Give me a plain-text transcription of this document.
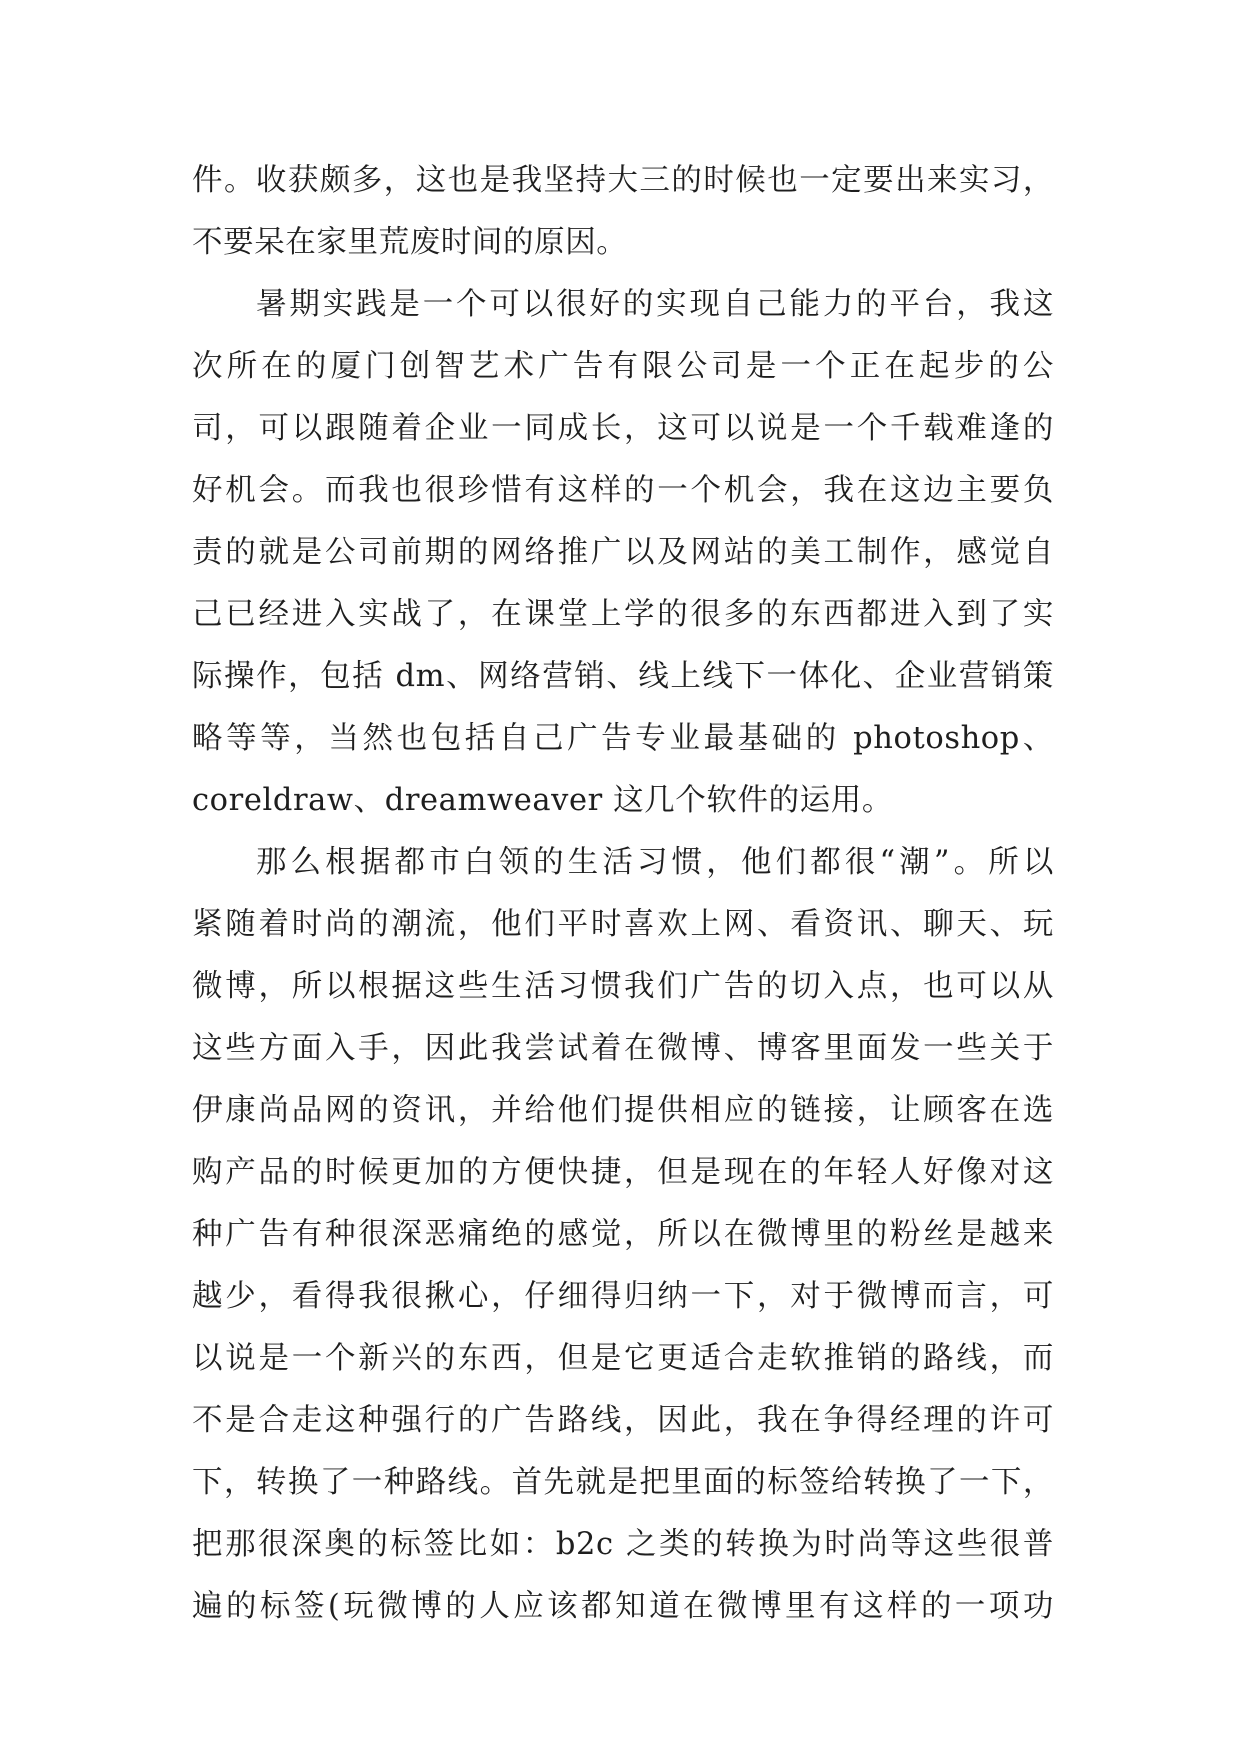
件。收获颇多，这也是我坚持大三的时候也一定要出来实习，
不要呆在家里荒废时间的原因。
暑期实践是一个可以很好的实现自己能力的平台，我这
次所在的厦门创智艺术广告有限公司是一个正在起步的公
司，可以跟随着企业一同成长，这可以说是一个千载难逢的
好机会。而我也很珍惜有这样的一个机会，我在这边主要负
责的就是公司前期的网络推广以及网站的美工制作，感觉自
己已经进入实战了，在课堂上学的很多的东西都进入到了实
际操作，包括 dm、网络营销、线上线下一体化、企业营销策
略等等，当然也包括自己广告专业最基础的 photoshop、
coreldraw、dreamweaver 这几个软件的运用。
那么根据都市白领的生活习惯，他们都很“潮”。所以
紧随着时尚的潮流，他们平时喜欢上网、看资讯、聊天、玩
微博，所以根据这些生活习惯我们广告的切入点，也可以从
这些方面入手，因此我尝试着在微博、博客里面发一些关于
伊康尚品网的资讯，并给他们提供相应的链接，让顾客在选
购产品的时候更加的方便快捷，但是现在的年轻人好像对这
种广告有种很深恶痛绝的感觉，所以在微博里的粉丝是越来
越少，看得我很揪心，仔细得归纳一下，对于微博而言，可
以说是一个新兴的东西，但是它更适合走软推销的路线，而
不是合走这种强行的广告路线，因此，我在争得经理的许可
下，转换了一种路线。首先就是把里面的标签给转换了一下，
把那很深奥的标签比如：b2c 之类的转换为时尚等这些很普
遍的标签(玩微博的人应该都知道在微博里有这样的一项功
